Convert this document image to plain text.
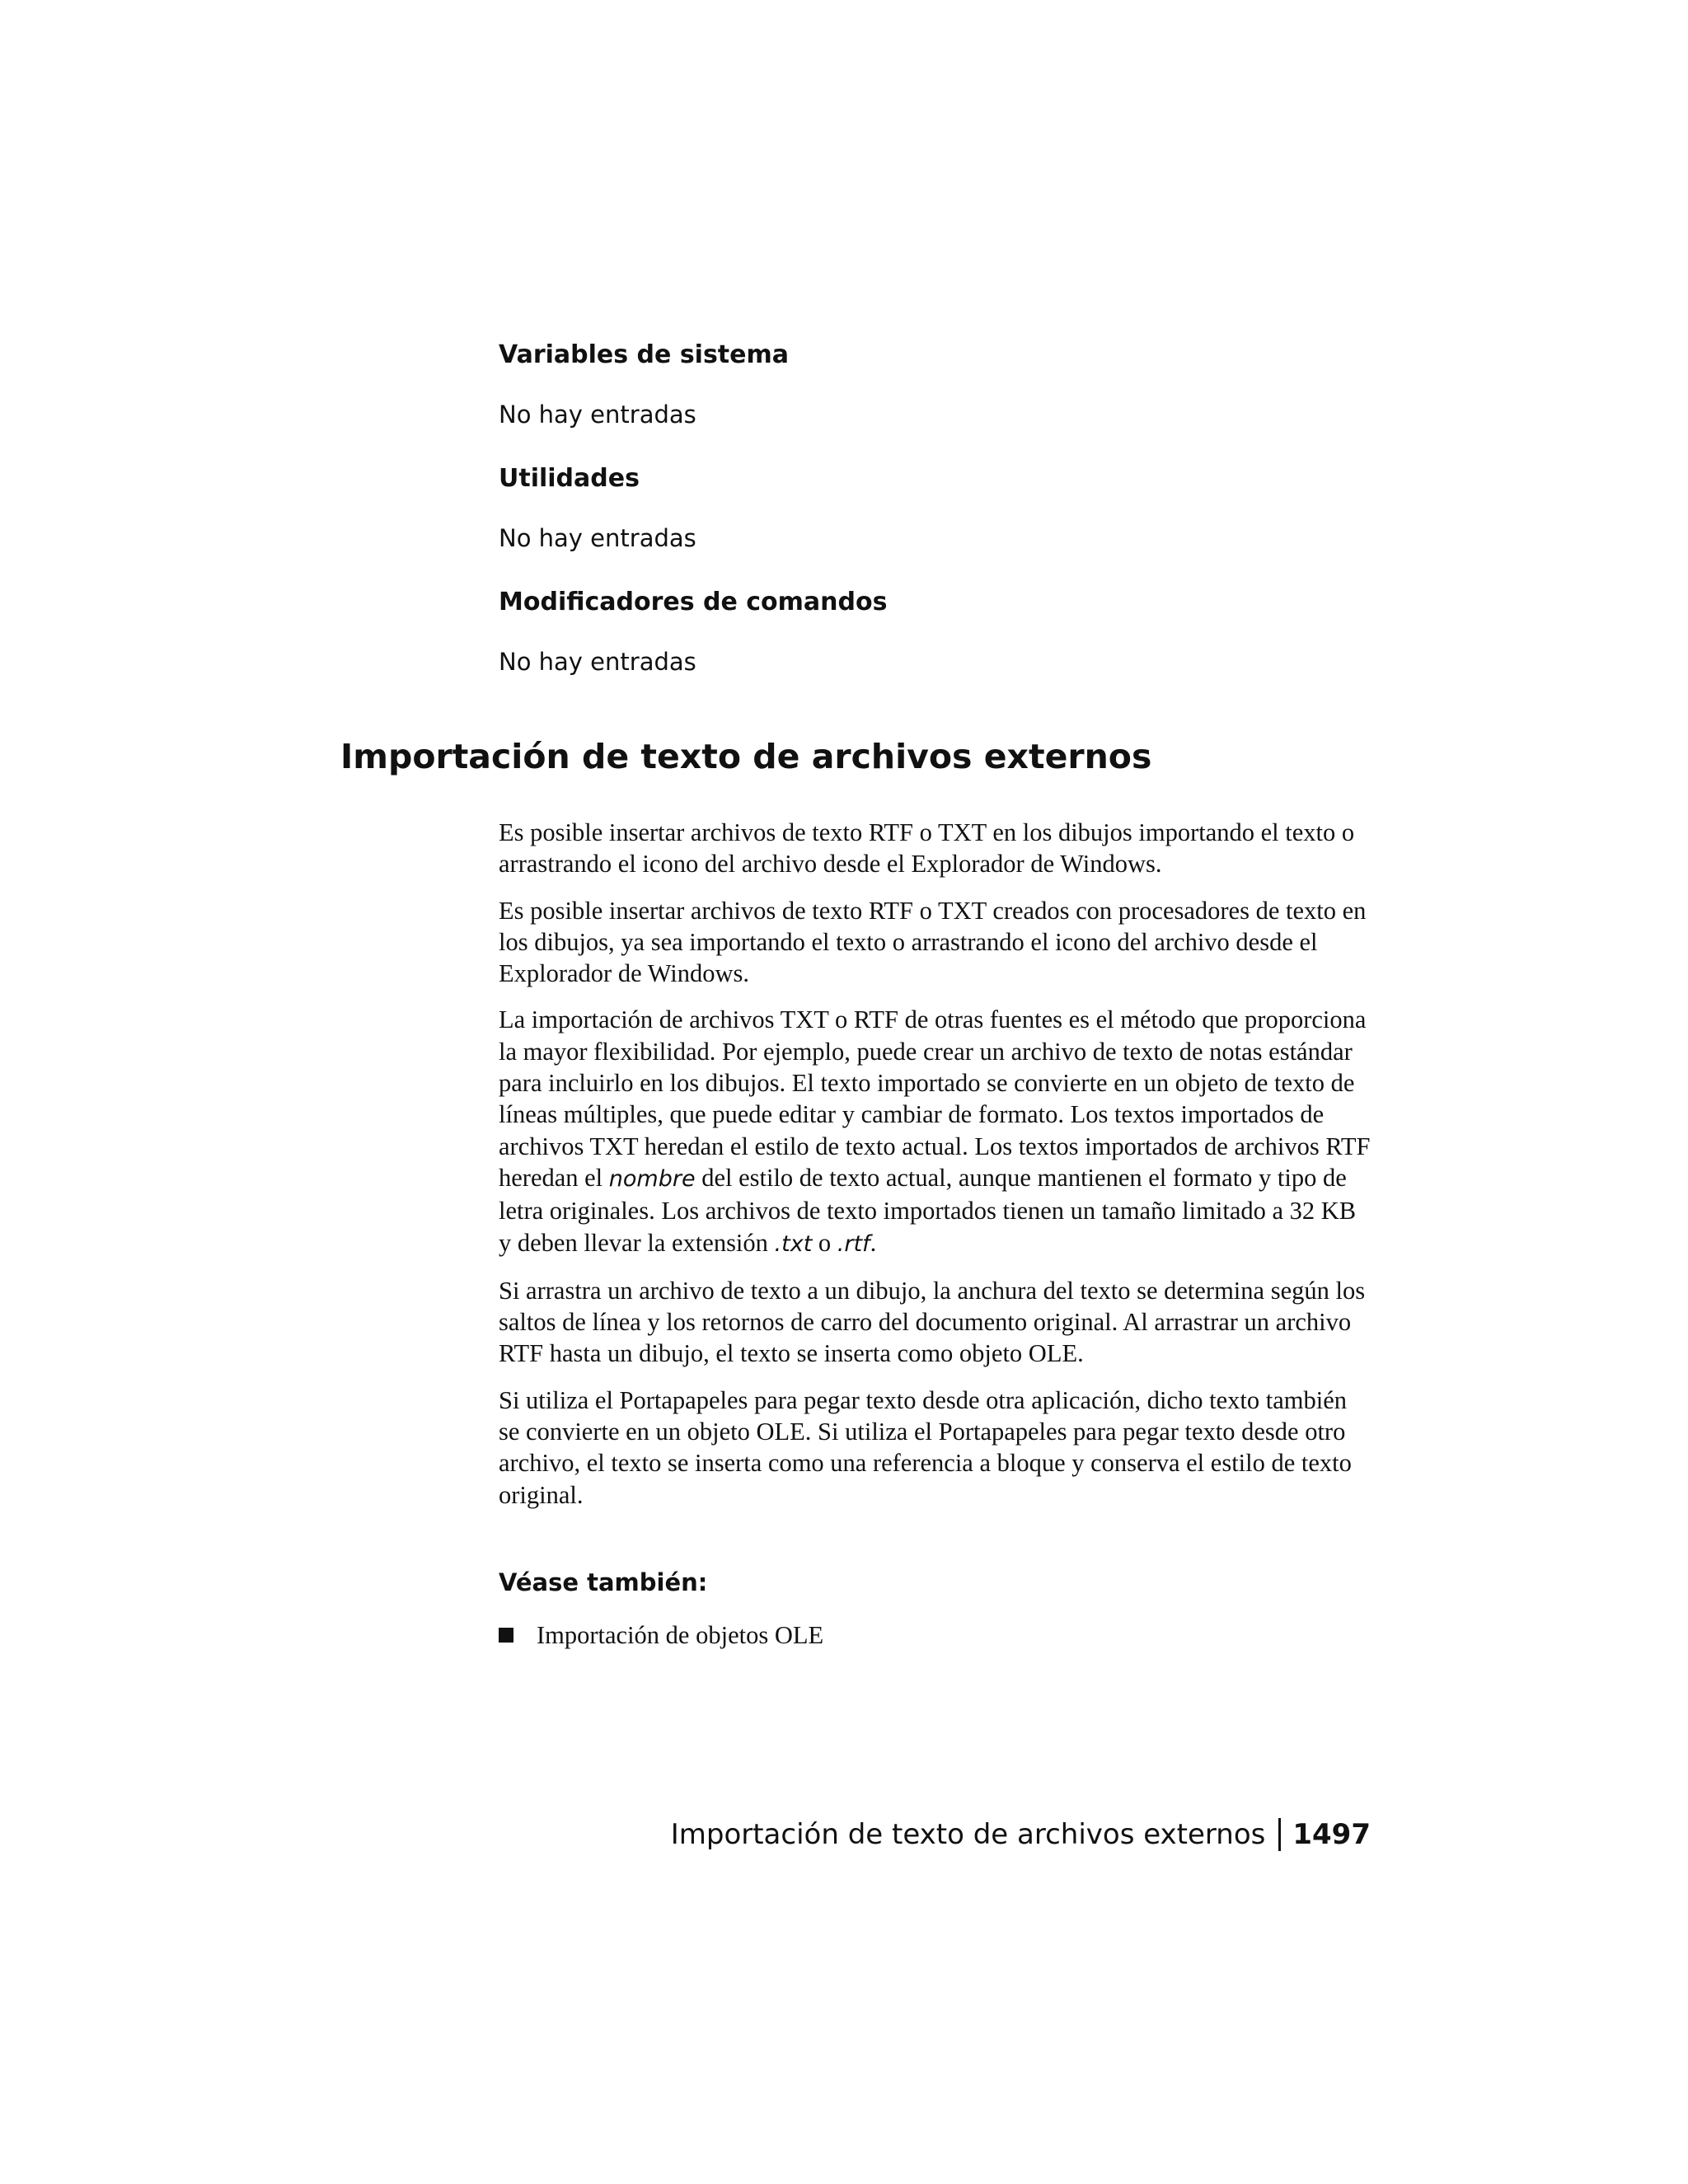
Variables de sistema

No hay entradas

Utilidades

No hay entradas

Modificadores de comandos

No hay entradas

Importación de texto de archivos externos

Es posible insertar archivos de texto RTF o TXT en los dibujos importando el texto o arrastrando el icono del archivo desde el Explorador de Windows.

Es posible insertar archivos de texto RTF o TXT creados con procesadores de texto en los dibujos, ya sea importando el texto o arrastrando el icono del archivo desde el Explorador de Windows.

La importación de archivos TXT o RTF de otras fuentes es el método que proporciona la mayor flexibilidad. Por ejemplo, puede crear un archivo de texto de notas estándar para incluirlo en los dibujos. El texto importado se convierte en un objeto de texto de líneas múltiples, que puede editar y cambiar de formato. Los textos importados de archivos TXT heredan el estilo de texto actual. Los textos importados de archivos RTF heredan el nombre del estilo de texto actual, aunque mantienen el formato y tipo de letra originales. Los archivos de texto importados tienen un tamaño limitado a 32 KB y deben llevar la extensión .txt o .rtf.

Si arrastra un archivo de texto a un dibujo, la anchura del texto se determina según los saltos de línea y los retornos de carro del documento original. Al arrastrar un archivo RTF hasta un dibujo, el texto se inserta como objeto OLE.

Si utiliza el Portapapeles para pegar texto desde otra aplicación, dicho texto también se convierte en un objeto OLE. Si utiliza el Portapapeles para pegar texto desde otro archivo, el texto se inserta como una referencia a bloque y conserva el estilo de texto original.

Véase también:
Importación de objetos OLE
Importación de texto de archivos externos 1497
